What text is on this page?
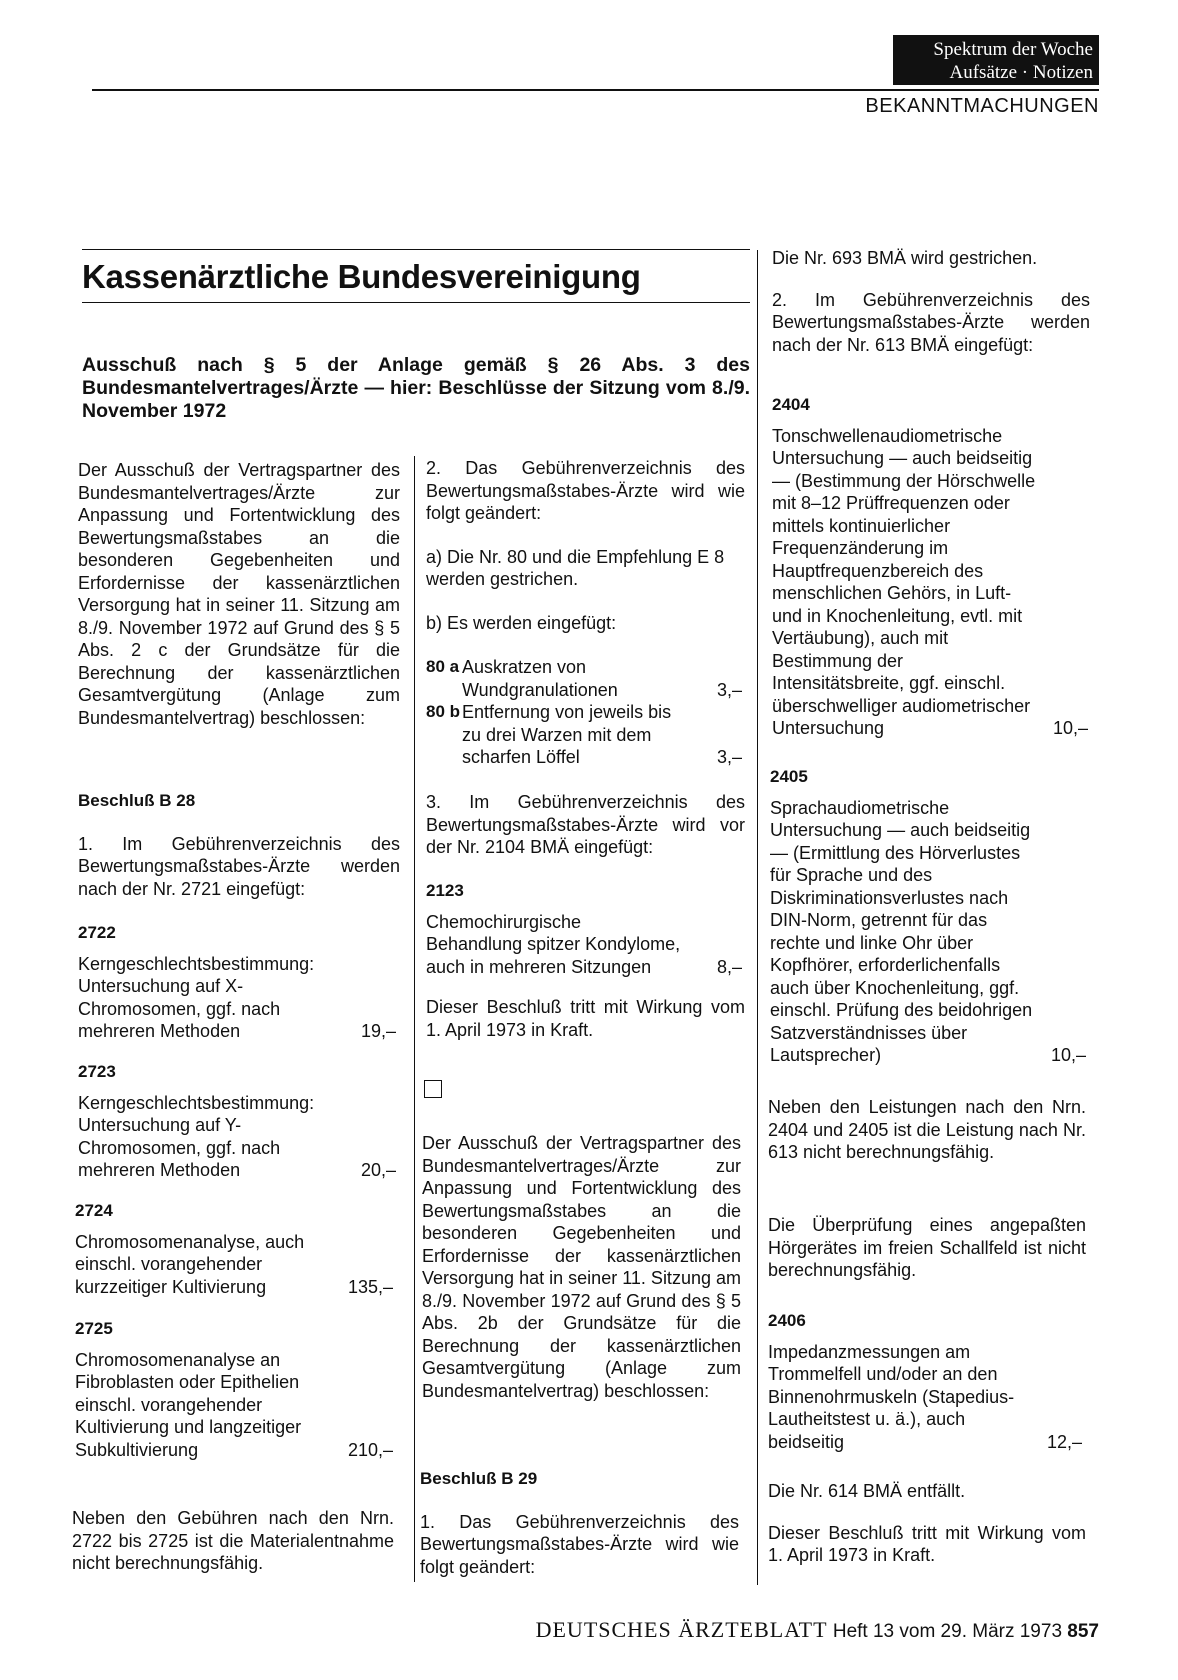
Spektrum der Woche
Aufsätze · Notizen
BEKANNTMACHUNGEN
Kassenärztliche Bundesvereinigung
Ausschuß nach § 5 der Anlage gemäß § 26 Abs. 3 des Bundesmantelvertrages/Ärzte — hier: Beschlüsse der Sitzung vom 8./9. November 1972

Der Ausschuß der Vertragspartner des Bundesmantelvertrages/Ärzte zur Anpassung und Fortentwicklung des Bewertungsmaßstabes an die besonderen Gegebenheiten und Erfordernisse der kassenärztlichen Versorgung hat in seiner 11. Sitzung am 8./9. November 1972 auf Grund des § 5 Abs. 2 c der Grundsätze für die Berechnung der kassenärztlichen Gesamtvergütung (Anlage zum Bundesmantelvertrag) beschlossen:

Beschluß B 28

1. Im Gebührenverzeichnis des Bewertungsmaßstabes-Ärzte werden nach der Nr. 2721 eingefügt:

2722

Kerngeschlechtsbestimmung: Untersuchung auf X-Chromosomen, ggf. nach mehreren Methoden	19,–

2723

Kerngeschlechtsbestimmung: Untersuchung auf Y-Chromosomen, ggf. nach mehreren Methoden	20,–

2724

Chromosomenanalyse, auch einschl. vorangehender kurzzeitiger Kultivierung	135,–

2725

Chromosomenanalyse an Fibroblasten oder Epithelien einschl. vorangehender Kultivierung und langzeitiger Subkultivierung	210,–

Neben den Gebühren nach den Nrn. 2722 bis 2725 ist die Materialentnahme nicht berechnungsfähig.

2. Das Gebührenverzeichnis des Bewertungsmaßstabes-Ärzte wird wie folgt geändert:

a) Die Nr. 80 und die Empfehlung E 8 werden gestrichen.

b) Es werden eingefügt:

80 a Auskratzen von Wundgranulationen	3,–
80 b Entfernung von jeweils bis zu drei Warzen mit dem scharfen Löffel	3,–

3. Im Gebührenverzeichnis des Bewertungsmaßstabes-Ärzte wird vor der Nr. 2104 BMÄ eingefügt:

2123

Chemochirurgische Behandlung spitzer Kondylome, auch in mehreren Sitzungen	8,–

Dieser Beschluß tritt mit Wirkung vom 1. April 1973 in Kraft.

Der Ausschuß der Vertragspartner des Bundesmantelvertrages/Ärzte zur Anpassung und Fortentwicklung des Bewertungsmaßstabes an die besonderen Gegebenheiten und Erfordernisse der kassenärztlichen Versorgung hat in seiner 11. Sitzung am 8./9. November 1972 auf Grund des § 5 Abs. 2b der Grundsätze für die Berechnung der kassenärztlichen Gesamtvergütung (Anlage zum Bundesmantelvertrag) beschlossen:

Beschluß B 29

1. Das Gebührenverzeichnis des Bewertungsmaßstabes-Ärzte wird wie folgt geändert:

Die Nr. 693 BMÄ wird gestrichen.

2. Im Gebührenverzeichnis des Bewertungsmaßstabes-Ärzte werden nach der Nr. 613 BMÄ eingefügt:

2404

Tonschwellenaudiometrische Untersuchung — auch beidseitig — (Bestimmung der Hörschwelle mit 8–12 Prüffrequenzen oder mittels kontinuierlicher Frequenzänderung im Hauptfrequenzbereich des menschlichen Gehörs, in Luft- und in Knochenleitung, evtl. mit Vertäubung), auch mit Bestimmung der Intensitätsbreite, ggf. einschl. überschwelliger audiometrischer Untersuchung	10,–

2405

Sprachaudiometrische Untersuchung — auch beidseitig — (Ermittlung des Hörverlustes für Sprache und des Diskriminationsverlustes nach DIN-Norm, getrennt für das rechte und linke Ohr über Kopfhörer, erforderlichenfalls auch über Knochenleitung, ggf. einschl. Prüfung des beidohrigen Satzverständnisses über Lautsprecher)	10,–

Neben den Leistungen nach den Nrn. 2404 und 2405 ist die Leistung nach Nr. 613 nicht berechnungsfähig.

Die Überprüfung eines angepaßten Hörgerätes im freien Schallfeld ist nicht berechnungsfähig.

2406

Impedanzmessungen am Trommelfell und/oder an den Binnenohrmuskeln (Stapedius-Lautheitstest u. ä.), auch beidseitig	12,–

Die Nr. 614 BMÄ entfällt.

Dieser Beschluß tritt mit Wirkung vom 1. April 1973 in Kraft.

DEUTSCHES ÄRZTEBLATT Heft 13 vom 29. März 1973 857
